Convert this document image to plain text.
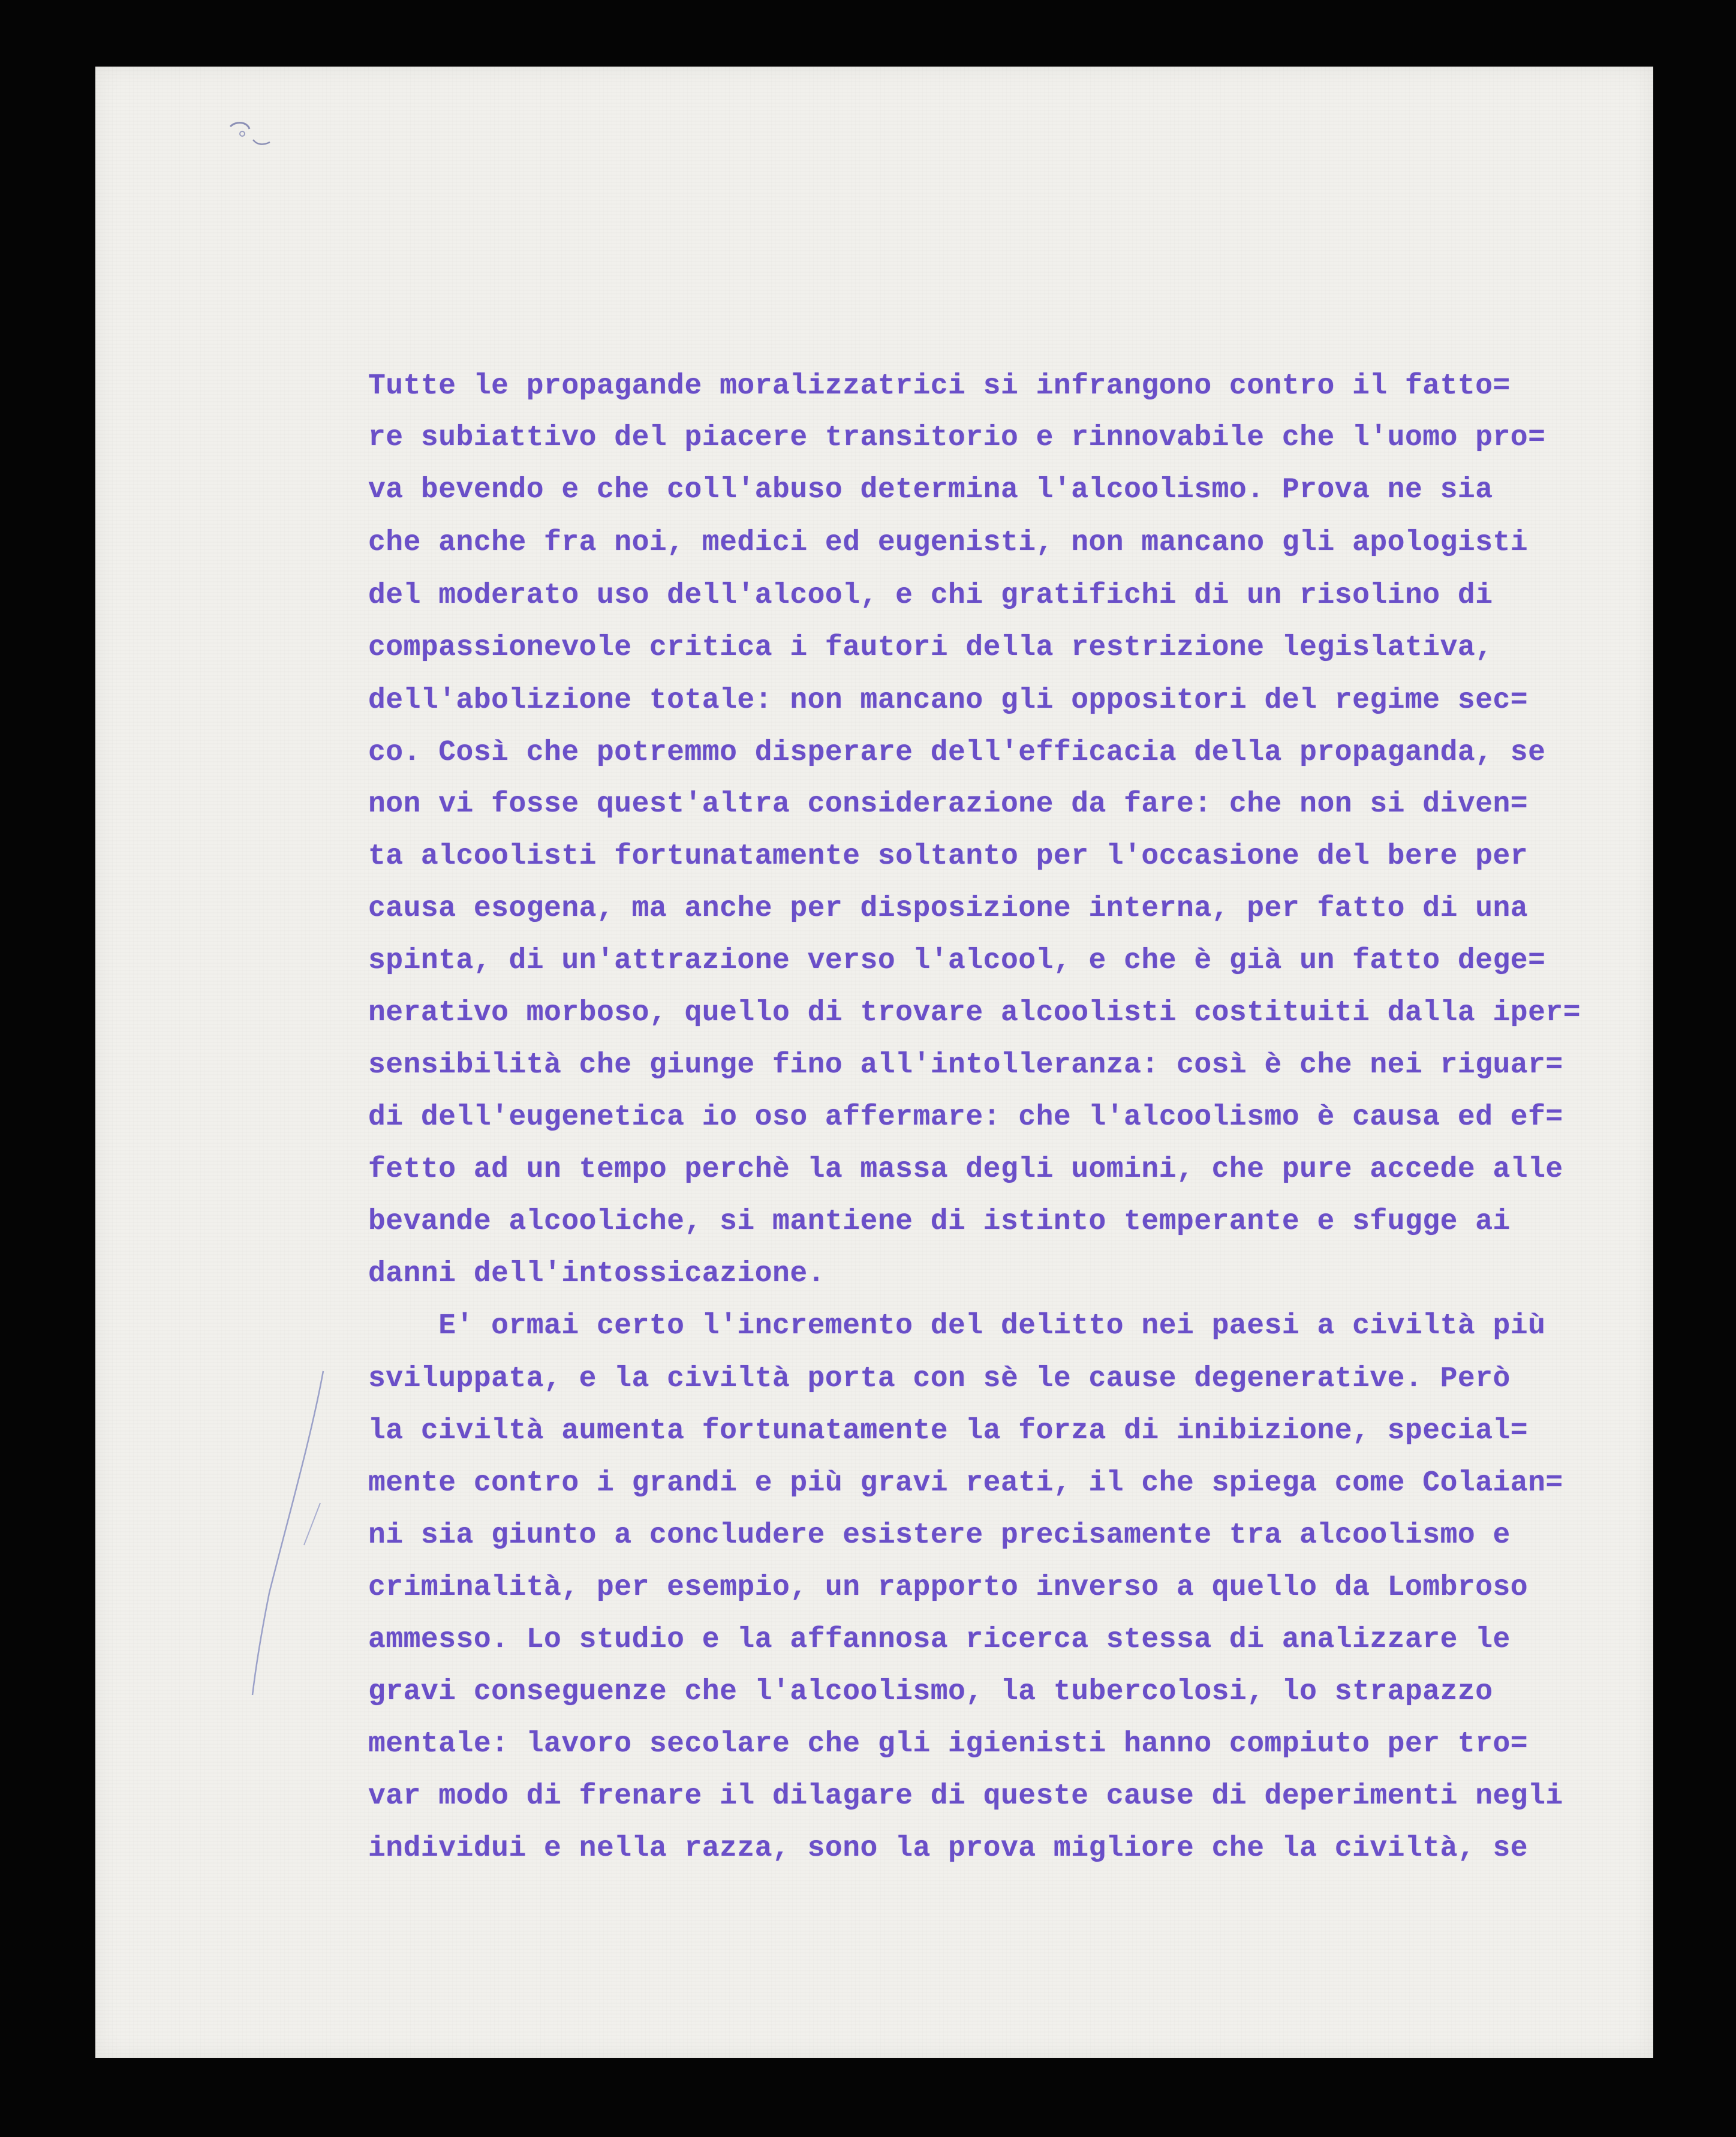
Tutte le propagande moralizzatrici si infrangono contro il fatto=
re subiattivo del piacere transitorio e rinnovabile che l'uomo pro=
va bevendo e che coll'abuso determina l'alcoolismo. Prova ne sia
che anche fra noi, medici ed eugenisti, non mancano gli apologisti
del moderato uso dell'alcool, e chi gratifichi di un risolino di
compassionevole critica i fautori della restrizione legislativa,
dell'abolizione totale: non mancano gli oppositori del regime sec=
co. Così che potremmo disperare dell'efficacia della propaganda, se
non vi fosse quest'altra considerazione da fare: che non si diven=
ta alcoolisti fortunatamente soltanto per l'occasione del bere per
causa esogena, ma anche per disposizione interna, per fatto di una
spinta, di un'attrazione verso l'alcool, e che è già un fatto dege=
nerativo morboso, quello di trovare alcoolisti costituiti dalla iper=
sensibilità che giunge fino all'intolleranza: così è che nei riguar=
di dell'eugenetica io oso affermare: che l'alcoolismo è causa ed ef=
fetto ad un tempo perchè la massa degli uomini, che pure accede alle
bevande alcooliche, si mantiene di istinto temperante e sfugge ai
danni dell'intossicazione.
E' ormai certo l'incremento del delitto nei paesi a civiltà più
sviluppata, e la civiltà porta con sè le cause degenerative. Però
la civiltà aumenta fortunatamente la forza di inibizione, special=
mente contro i grandi e più gravi reati, il che spiega come Colaian=
ni sia giunto a concludere esistere precisamente tra alcoolismo e
criminalità, per esempio, un rapporto inverso a quello da Lombroso
ammesso. Lo studio e la affannosa ricerca stessa di analizzare le
gravi conseguenze che l'alcoolismo, la tubercolosi, lo strapazzo
mentale: lavoro secolare che gli igienisti hanno compiuto per tro=
var modo di frenare il dilagare di queste cause di deperimenti negli
individui e nella razza, sono la prova migliore che la civiltà, se
